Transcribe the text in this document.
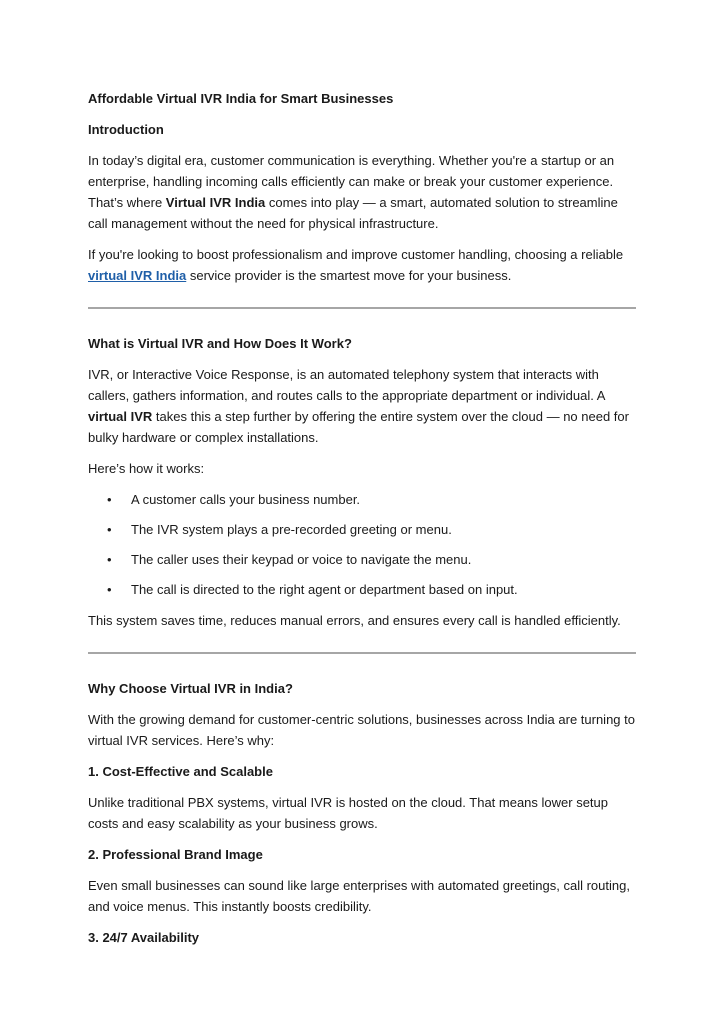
Affordable Virtual IVR India for Smart Businesses

Introduction

In today’s digital era, customer communication is everything. Whether you're a startup or an enterprise, handling incoming calls efficiently can make or break your customer experience. That’s where Virtual IVR India comes into play — a smart, automated solution to streamline call management without the need for physical infrastructure.

If you're looking to boost professionalism and improve customer handling, choosing a reliable virtual IVR India service provider is the smartest move for your business.

What is Virtual IVR and How Does It Work?

IVR, or Interactive Voice Response, is an automated telephony system that interacts with callers, gathers information, and routes calls to the appropriate department or individual. A virtual IVR takes this a step further by offering the entire system over the cloud — no need for bulky hardware or complex installations.

Here’s how it works:

• A customer calls your business number.
• The IVR system plays a pre-recorded greeting or menu.
• The caller uses their keypad or voice to navigate the menu.
• The call is directed to the right agent or department based on input.

This system saves time, reduces manual errors, and ensures every call is handled efficiently.

Why Choose Virtual IVR in India?

With the growing demand for customer-centric solutions, businesses across India are turning to virtual IVR services. Here’s why:

1. Cost-Effective and Scalable

Unlike traditional PBX systems, virtual IVR is hosted on the cloud. That means lower setup costs and easy scalability as your business grows.

2. Professional Brand Image

Even small businesses can sound like large enterprises with automated greetings, call routing, and voice menus. This instantly boosts credibility.

3. 24/7 Availability
